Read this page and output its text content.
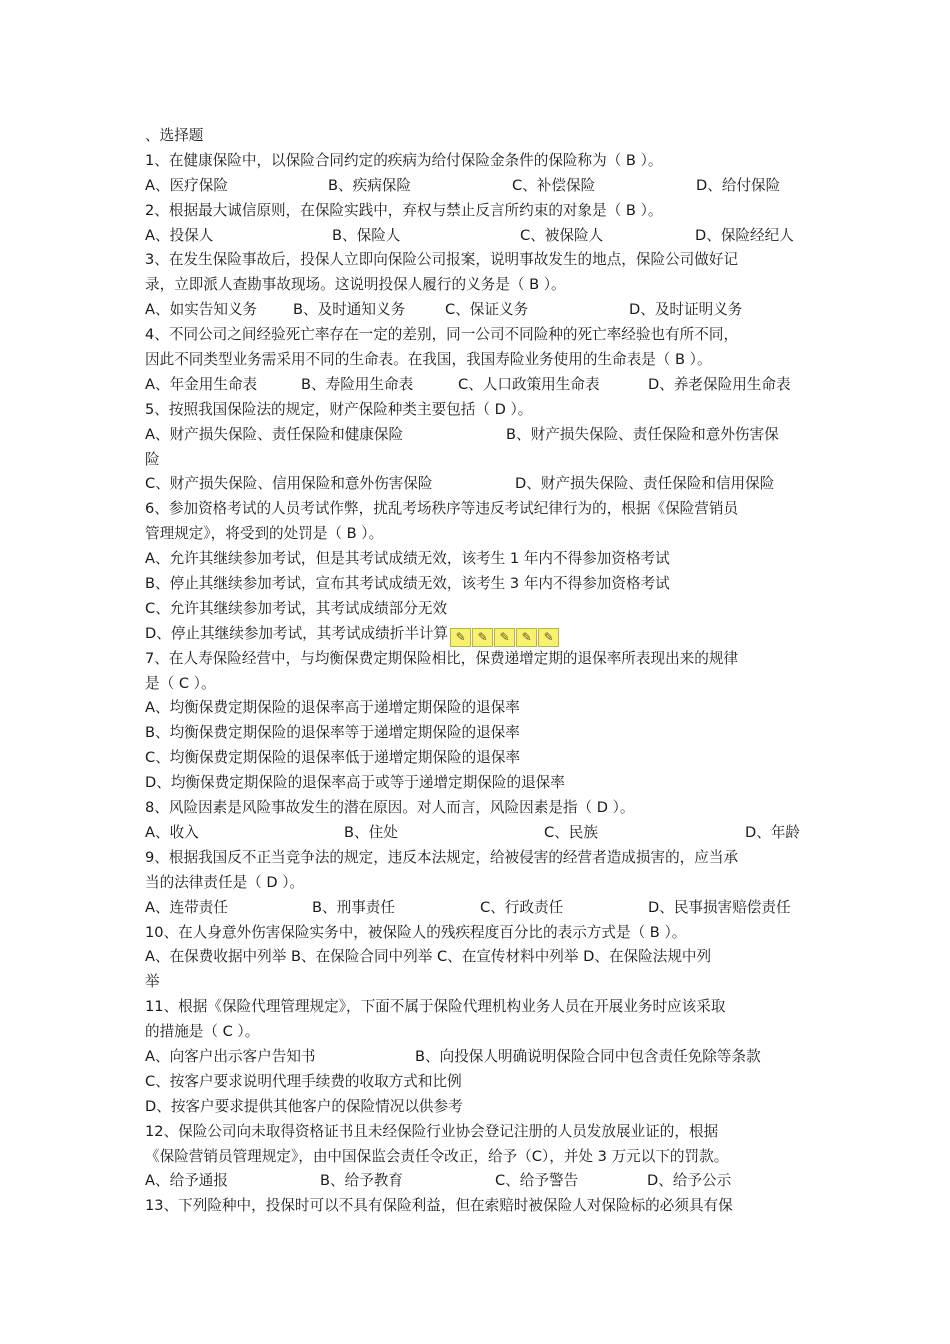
、选择题
1、在健康保险中，以保险合同约定的疾病为给付保险金条件的保险称为（ B ）。
A、医疗保险	B、疾病保险	C、补偿保险	D、给付保险
2、根据最大诚信原则，在保险实践中，弃权与禁止反言所约束的对象是（ B ）。
A、投保人	B、保险人	C、被保险人	D、保险经纪人
3、在发生保险事故后，投保人立即向保险公司报案，说明事故发生的地点，保险公司做好记
录，立即派人查勘事故现场。这说明投保人履行的义务是（ B ）。
A、如实告知义务 B、及时通知义务	C、保证义务	D、及时证明义务
4、不同公司之间经验死亡率存在一定的差别，同一公司不同险种的死亡率经验也有所不同，
因此不同类型业务需采用不同的生命表。在我国，我国寿险业务使用的生命表是（ B ）。
A、年金用生命表	B、寿险用生命表	C、人口政策用生命表	D、养老保险用生命表
5、按照我国保险法的规定，财产保险种类主要包括（ D ）。
A、财产损失保险、责任保险和健康保险	B、财产损失保险、责任保险和意外伤害保
险
C、财产损失保险、信用保险和意外伤害保险	D、财产损失保险、责任保险和信用保险
6、参加资格考试的人员考试作弊，扰乱考场秩序等违反考试纪律行为的，根据《保险营销员
管理规定》，将受到的处罚是（ B ）。
A、允许其继续参加考试，但是其考试成绩无效，该考生 1 年内不得参加资格考试
B、停止其继续参加考试，宣布其考试成绩无效，该考生 3 年内不得参加资格考试
C、允许其继续参加考试，其考试成绩部分无效
D、停止其继续参加考试，其考试成绩折半计算 ✎ ✎ ✎ ✎ ✎
7、在人寿保险经营中，与均衡保费定期保险相比，保费递增定期的退保率所表现出来的规律
是（ C ）。
A、均衡保费定期保险的退保率高于递增定期保险的退保率
B、均衡保费定期保险的退保率等于递增定期保险的退保率
C、均衡保费定期保险的退保率低于递增定期保险的退保率
D、均衡保费定期保险的退保率高于或等于递增定期保险的退保率
8、风险因素是风险事故发生的潜在原因。对人而言，风险因素是指（ D ）。
A、收入	B、住处	C、民族	D、年龄
9、根据我国反不正当竞争法的规定，违反本法规定，给被侵害的经营者造成损害的，应当承
当的法律责任是（ D ）。
A、连带责任	B、刑事责任	C、行政责任	D、民事损害赔偿责任
10、在人身意外伤害保险实务中，被保险人的残疾程度百分比的表示方式是（ B ）。
A、在保费收据中列举 B、在保险合同中列举 C、在宣传材料中列举 D、在保险法规中列
举
11、根据《保险代理管理规定》，下面不属于保险代理机构业务人员在开展业务时应该采取
的措施是（ C ）。
A、向客户出示客户告知书	B、向投保人明确说明保险合同中包含责任免除等条款
C、按客户要求说明代理手续费的收取方式和比例
D、按客户要求提供其他客户的保险情况以供参考
12、保险公司向未取得资格证书且未经保险行业协会登记注册的人员发放展业证的，根据
《保险营销员管理规定》，由中国保监会责任令改正，给予（C），并处 3 万元以下的罚款。
A、给予通报	B、给予教育	C、给予警告	D、给予公示
13、下列险种中，投保时可以不具有保险利益，但在索赔时被保险人对保险标的必须具有保
